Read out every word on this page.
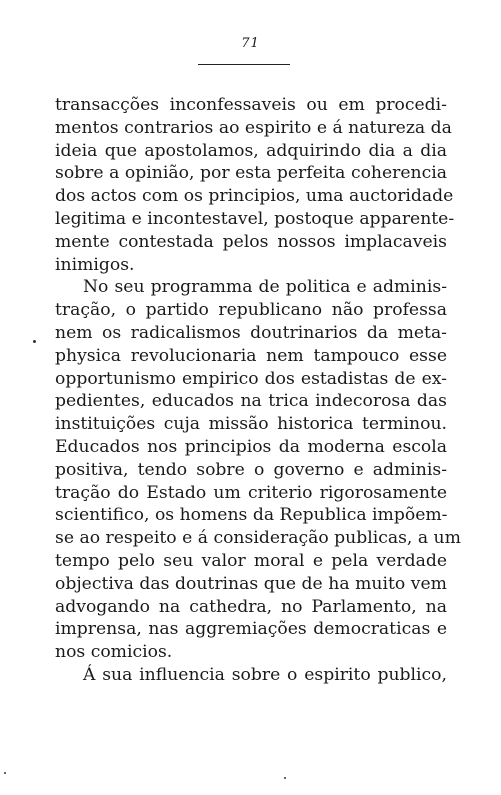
71
transacções inconfessaveis ou em procedi-
mentos contrarios ao espirito e á natureza da
ideia que apostolamos, adquirindo dia a dia
sobre a opinião, por esta perfeita coherencia
dos actos com os principios, uma auctoridade
legitima e incontestavel, postoque apparente-
mente contestada pelos nossos implacaveis
inimigos.
No seu programma de politica e adminis-
tração, o partido republicano não professa
nem os radicalismos doutrinarios da meta-
physica revolucionaria nem tampouco esse
opportunismo empirico dos estadistas de ex-
pedientes, educados na trica indecorosa das
instituições cuja missão historica terminou.
Educados nos principios da moderna escola
positiva, tendo sobre o governo e adminis-
tração do Estado um criterio rigorosamente
scientifico, os homens da Republica impõem-
se ao respeito e á consideração publicas, a um
tempo pelo seu valor moral e pela verdade
objectiva das doutrinas que de ha muito vem
advogando na cathedra, no Parlamento, na
imprensa, nas aggremiações democraticas e
nos comicios.
Á sua influencia sobre o espirito publico,
